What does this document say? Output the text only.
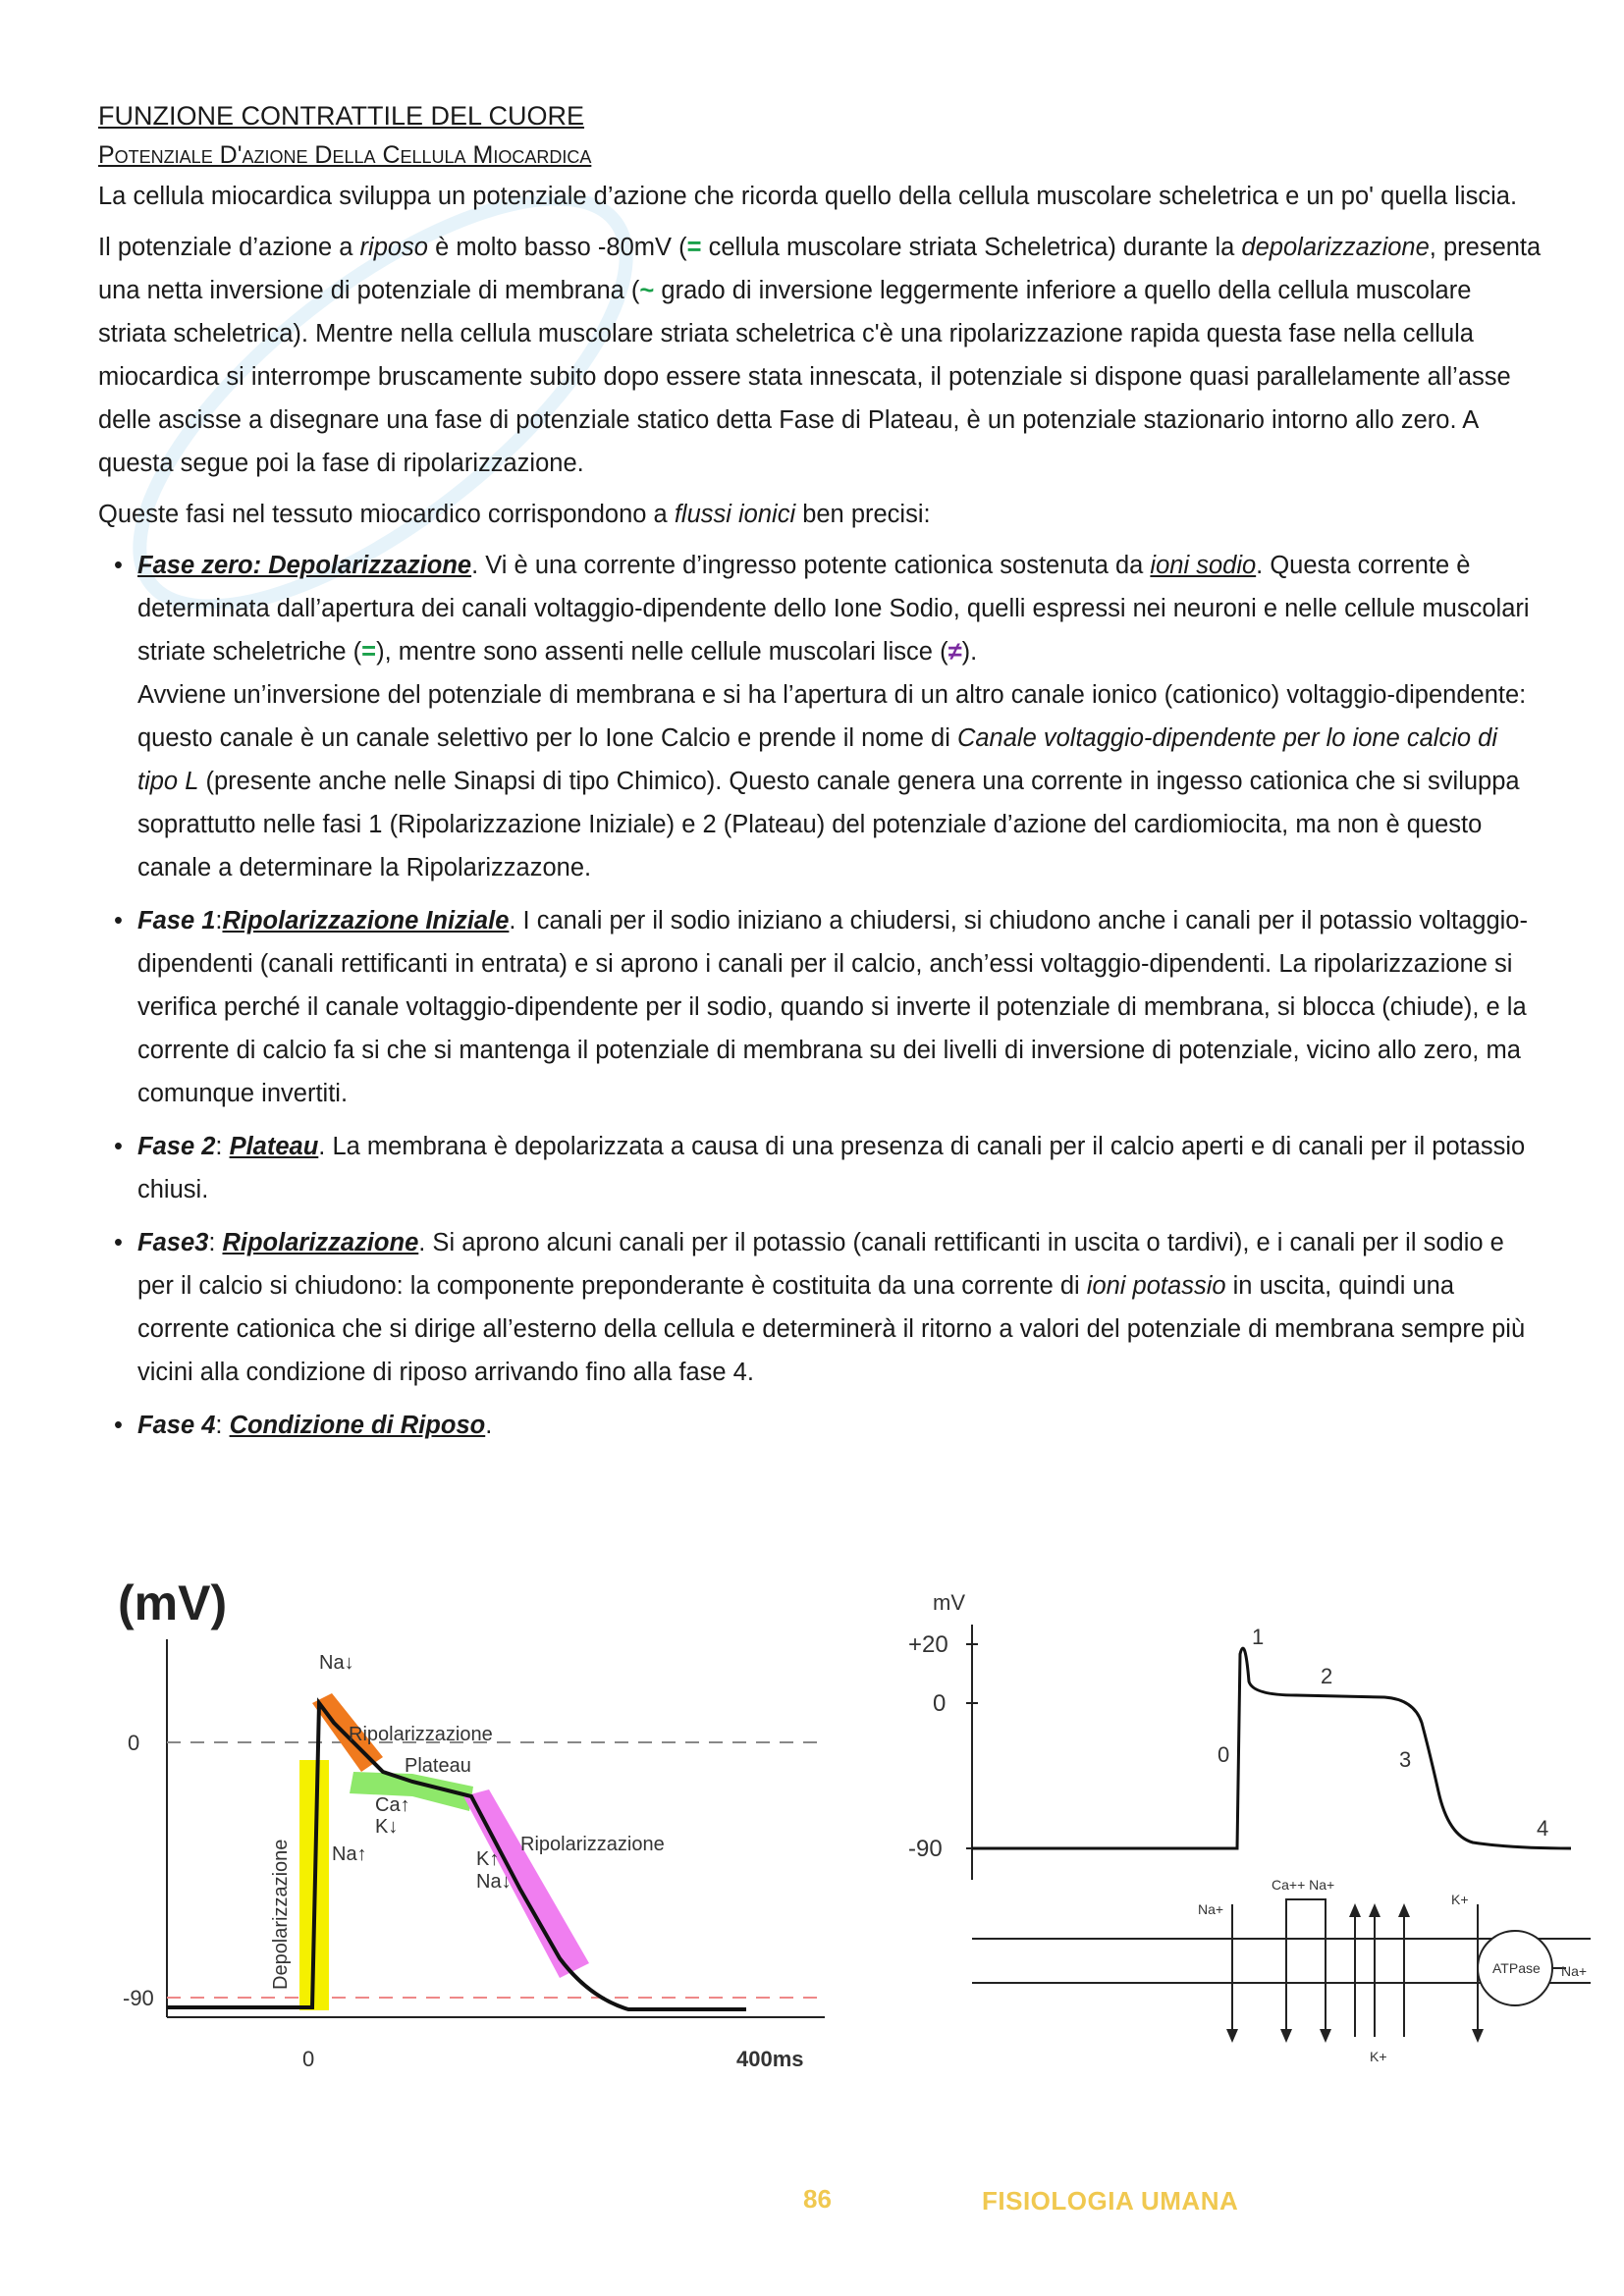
FUNZIONE CONTRATTILE DEL CUORE
Potenziale D'azione Della Cellula Miocardica

La cellula miocardica sviluppa un potenziale d’azione che ricorda quello della cellula muscolare scheletrica e un po' quella liscia.

Il potenziale d’azione a riposo è molto basso -80mV (= cellula muscolare striata Scheletrica) durante la depolarizzazione, presenta una netta inversione di potenziale di membrana (~ grado di inversione leggermente inferiore a quello della cellula muscolare striata scheletrica). Mentre nella cellula muscolare striata scheletrica c'è una ripolarizzazione rapida questa fase nella cellula miocardica si interrompe bruscamente subito dopo essere stata innescata, il potenziale si dispone quasi parallelamente all’asse delle ascisse a disegnare una fase di potenziale statico detta Fase di Plateau, è un potenziale stazionario intorno allo zero. A questa segue poi la fase di ripolarizzazione.

Queste fasi nel tessuto miocardico corrispondono a flussi ionici ben precisi:

• Fase zero: Depolarizzazione. Vi è una corrente d’ingresso potente cationica sostenuta da ioni sodio. Questa corrente è determinata dall’apertura dei canali voltaggio-dipendente dello Ione Sodio, quelli espressi nei neuroni e nelle cellule muscolari striate scheletriche (=), mentre sono assenti nelle cellule muscolari lisce (≠).
Avviene un’inversione del potenziale di membrana e si ha l’apertura di un altro canale ionico (cationico) voltaggio-dipendente: questo canale è un canale selettivo per lo Ione Calcio e prende il nome di Canale voltaggio-dipendente per lo ione calcio di tipo L (presente anche nelle Sinapsi di tipo Chimico). Questo canale genera una corrente in ingesso cationica che si sviluppa soprattutto nelle fasi 1 (Ripolarizzazione Iniziale) e 2 (Plateau) del potenziale d’azione del cardiomiocita, ma non è questo canale a determinare la Ripolarizzazone.
• Fase 1:Ripolarizzazione Iniziale. I canali per il sodio iniziano a chiudersi, si chiudono anche i canali per il potassio voltaggio-dipendenti (canali rettificanti in entrata) e si aprono i canali per il calcio, anch’essi voltaggio-dipendenti. La ripolarizzazione si verifica perché il canale voltaggio-dipendente per il sodio, quando si inverte il potenziale di membrana, si blocca (chiude), e la corrente di calcio fa si che si mantenga il potenziale di membrana su dei livelli di inversione di potenziale, vicino allo zero, ma comunque invertiti.
• Fase 2: Plateau. La membrana è depolarizzata a causa di una presenza di canali per il calcio aperti e di canali per il potassio chiusi.
• Fase3: Ripolarizzazione. Si aprono alcuni canali per il potassio (canali rettificanti in uscita o tardivi), e i canali per il sodio e per il calcio si chiudono: la componente preponderante è costituita da una corrente di ioni potassio in uscita, quindi una corrente cationica che si dirige all’esterno della cellula e determinerà il ritorno a valori del potenziale di membrana sempre più vicini alla condizione di riposo arrivando fino alla fase 4.
• Fase 4: Condizione di Riposo.
(mV)
0
-90
0	400ms
Na↓
Ripolarizzazione
Plateau
Ca↑
K↓
Depolarizzazione Na↑	Ripolarizzazione
K↑
Na↓
mV
+20
0
-90
0
1
2
3
4
Na+
Ca++ Na+
K+
K+
ATPase Na+
86	FISIOLOGIA UMANA
